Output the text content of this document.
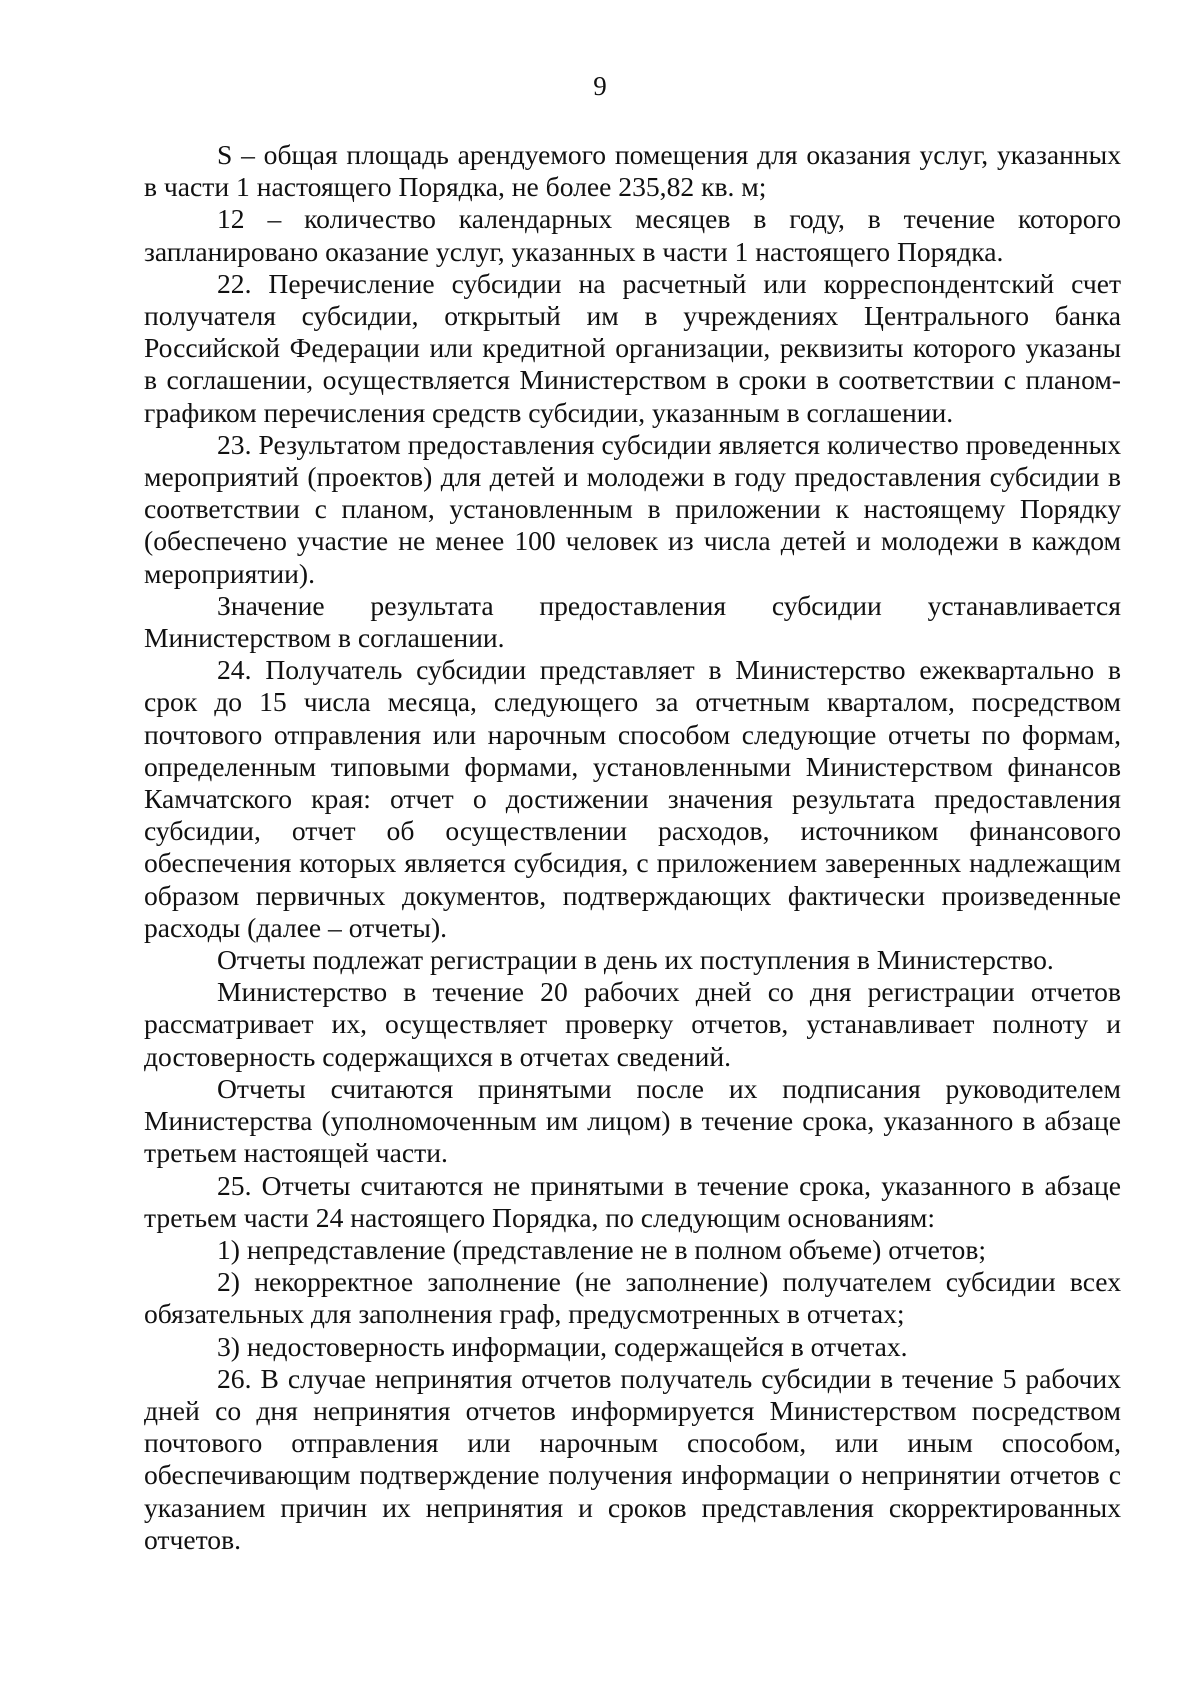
9

S – общая площадь арендуемого помещения для оказания услуг, указанных в части 1 настоящего Порядка, не более 235,82 кв. м;

12 – количество календарных месяцев в году, в течение которого запланировано оказание услуг, указанных в части 1 настоящего Порядка.

22. Перечисление субсидии на расчетный или корреспондентский счет получателя субсидии, открытый им в учреждениях Центрального банка Российской Федерации или кредитной организации, реквизиты которого указаны в соглашении, осуществляется Министерством в сроки в соответствии с планом-графиком перечисления средств субсидии, указанным в соглашении.

23. Результатом предоставления субсидии является количество проведенных мероприятий (проектов) для детей и молодежи в году предоставления субсидии в соответствии с планом, установленным в приложении к настоящему Порядку (обеспечено участие не менее 100 человек из числа детей и молодежи в каждом мероприятии).

Значение результата предоставления субсидии устанавливается Министерством в соглашении.

24. Получатель субсидии представляет в Министерство ежеквартально в срок до 15 числа месяца, следующего за отчетным кварталом, посредством почтового отправления или нарочным способом следующие отчеты по формам, определенным типовыми формами, установленными Министерством финансов Камчатского края: отчет о достижении значения результата предоставления субсидии, отчет об осуществлении расходов, источником финансового обеспечения которых является субсидия, с приложением заверенных надлежащим образом первичных документов, подтверждающих фактически произведенные расходы (далее – отчеты).

Отчеты подлежат регистрации в день их поступления в Министерство.

Министерство в течение 20 рабочих дней со дня регистрации отчетов рассматривает их, осуществляет проверку отчетов, устанавливает полноту и достоверность содержащихся в отчетах сведений.

Отчеты считаются принятыми после их подписания руководителем Министерства (уполномоченным им лицом) в течение срока, указанного в абзаце третьем настоящей части.

25. Отчеты считаются не принятыми в течение срока, указанного в абзаце третьем части 24 настоящего Порядка, по следующим основаниям:

1) непредставление (представление не в полном объеме) отчетов;

2) некорректное заполнение (не заполнение) получателем субсидии всех обязательных для заполнения граф, предусмотренных в отчетах;

3) недостоверность информации, содержащейся в отчетах.

26. В случае непринятия отчетов получатель субсидии в течение 5 рабочих дней со дня непринятия отчетов информируется Министерством посредством почтового отправления или нарочным способом, или иным способом, обеспечивающим подтверждение получения информации о непринятии отчетов с указанием причин их непринятия и сроков представления скорректированных отчетов.
